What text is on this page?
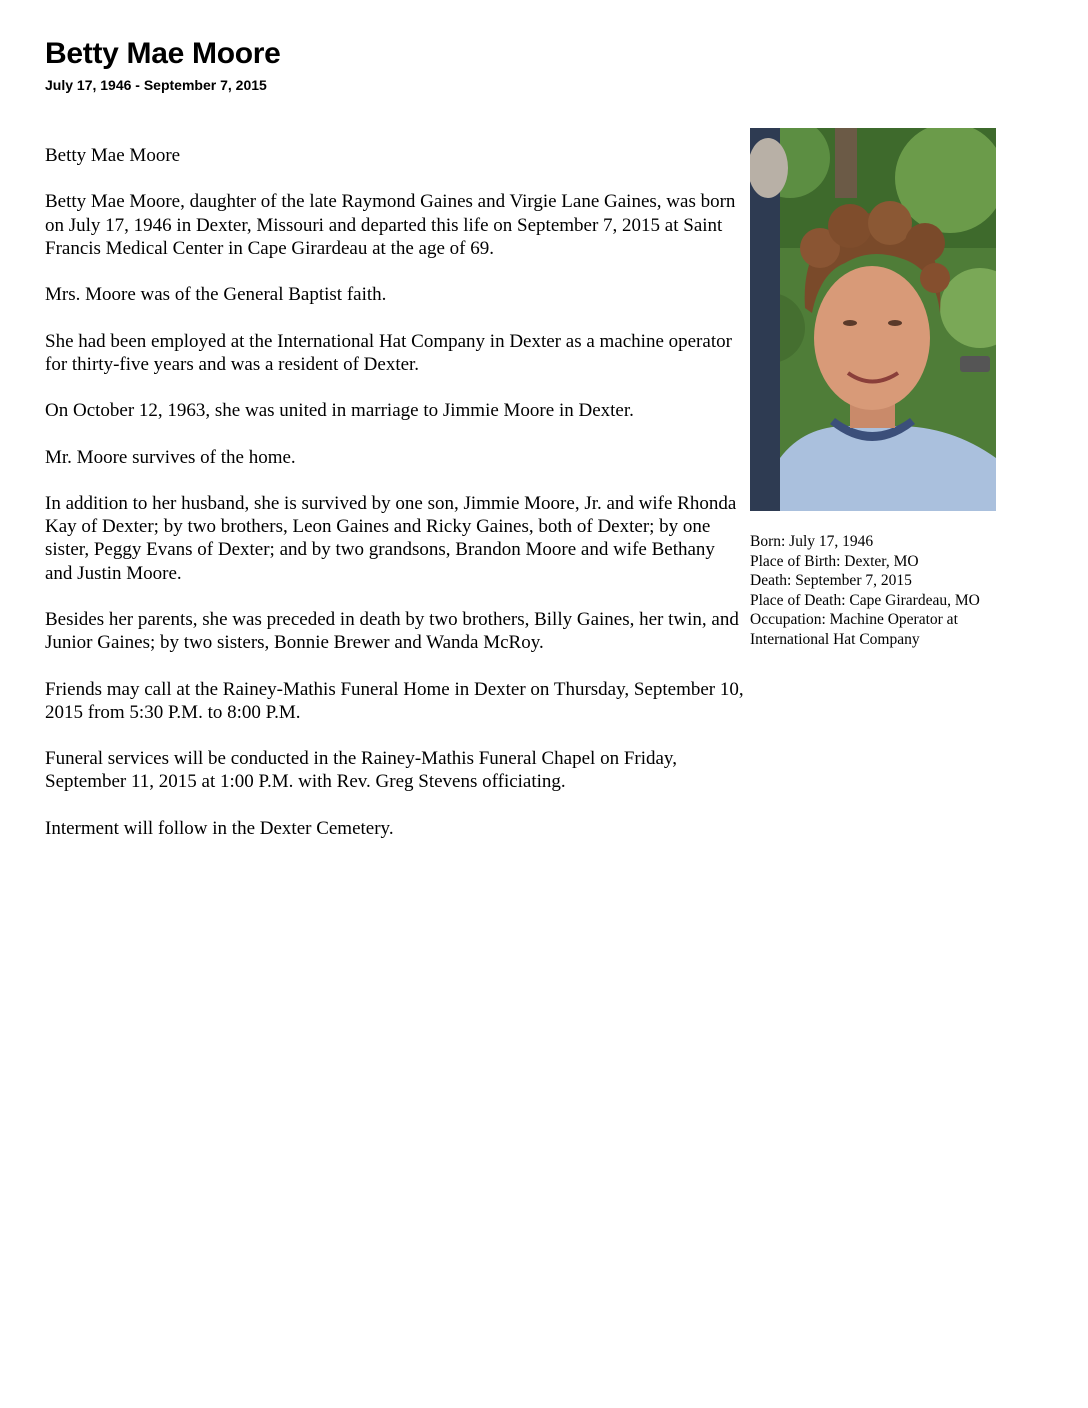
Betty Mae Moore
July 17, 1946 - September 7, 2015

Betty Mae Moore

Betty Mae Moore, daughter of the late Raymond Gaines and Virgie Lane Gaines, was born on July 17, 1946 in Dexter, Missouri and departed this life on September 7, 2015 at Saint Francis Medical Center in Cape Girardeau at the age of 69.

Mrs. Moore was of the General Baptist faith.

She had been employed at the International Hat Company in Dexter as a machine operator for thirty-five years and was a resident of Dexter.

On October 12, 1963, she was united in marriage to Jimmie Moore in Dexter.

Mr. Moore survives of the home.

In addition to her husband, she is survived by one son, Jimmie Moore, Jr. and wife Rhonda Kay of Dexter; by two brothers, Leon Gaines and Ricky Gaines, both of Dexter; by one sister, Peggy Evans of Dexter; and by two grandsons, Brandon Moore and wife Bethany and Justin Moore.

Besides her parents, she was preceded in death by two brothers, Billy Gaines, her twin, and Junior Gaines; by two sisters, Bonnie Brewer and Wanda McRoy.

Friends may call at the Rainey-Mathis Funeral Home in Dexter on Thursday, September 10, 2015 from 5:30 P.M. to 8:00 P.M.

Funeral services will be conducted in the Rainey-Mathis Funeral Chapel on Friday, September 11, 2015 at 1:00 P.M. with Rev. Greg Stevens officiating.

Interment will follow in the Dexter Cemetery.

Born: July 17, 1946
Place of Birth: Dexter, MO
Death: September 7, 2015
Place of Death: Cape Girardeau, MO
Occupation: Machine Operator at
International Hat Company
